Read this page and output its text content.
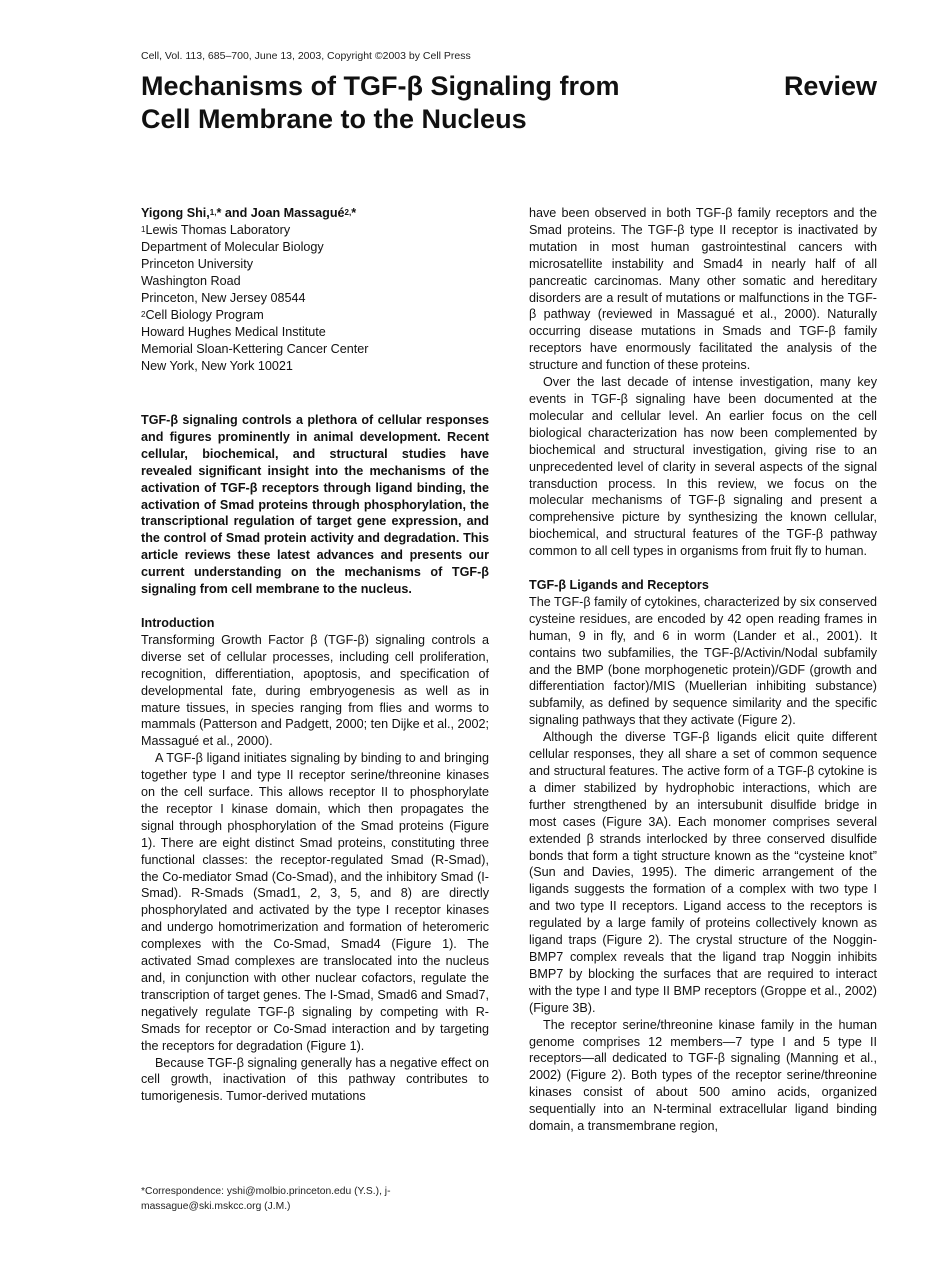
Cell, Vol. 113, 685–700, June 13, 2003, Copyright ©2003 by Cell Press
Mechanisms of TGF-β Signaling from Cell Membrane to the Nucleus
Review

Yigong Shi,$^{1,}$* and Joan Massagué$^{2,}$*

$^1$Lewis Thomas Laboratory
Department of Molecular Biology
Princeton University
Washington Road
Princeton, New Jersey 08544
$^2$Cell Biology Program
Howard Hughes Medical Institute
Memorial Sloan-Kettering Cancer Center
New York, New York 10021

TGF-β signaling controls a plethora of cellular responses and figures prominently in animal development. Recent cellular, biochemical, and structural studies have revealed significant insight into the mechanisms of the activation of TGF-β receptors through ligand binding, the activation of Smad proteins through phosphorylation, the transcriptional regulation of target gene expression, and the control of Smad protein activity and degradation. This article reviews these latest advances and presents our current understanding on the mechanisms of TGF-β signaling from cell membrane to the nucleus.

Introduction

Transforming Growth Factor β (TGF-β) signaling controls a diverse set of cellular processes, including cell proliferation, recognition, differentiation, apoptosis, and specification of developmental fate, during embryogenesis as well as in mature tissues, in species ranging from flies and worms to mammals (Patterson and Padgett, 2000; ten Dijke et al., 2002; Massagué et al., 2000).

A TGF-β ligand initiates signaling by binding to and bringing together type I and type II receptor serine/threonine kinases on the cell surface. This allows receptor II to phosphorylate the receptor I kinase domain, which then propagates the signal through phosphorylation of the Smad proteins (Figure 1). There are eight distinct Smad proteins, constituting three functional classes: the receptor-regulated Smad (R-Smad), the Co-mediator Smad (Co-Smad), and the inhibitory Smad (I-Smad). R-Smads (Smad1, 2, 3, 5, and 8) are directly phosphorylated and activated by the type I receptor kinases and undergo homotrimerization and formation of heteromeric complexes with the Co-Smad, Smad4 (Figure 1). The activated Smad complexes are translocated into the nucleus and, in conjunction with other nuclear cofactors, regulate the transcription of target genes. The I-Smad, Smad6 and Smad7, negatively regulate TGF-β signaling by competing with R-Smads for receptor or Co-Smad interaction and by targeting the receptors for degradation (Figure 1).

Because TGF-β signaling generally has a negative effect on cell growth, inactivation of this pathway contributes to tumorigenesis. Tumor-derived mutations

*Correspondence: yshi@molbio.princeton.edu (Y.S.), j-massague@ski.mskcc.org (J.M.)

have been observed in both TGF-β family receptors and the Smad proteins. The TGF-β type II receptor is inactivated by mutation in most human gastrointestinal cancers with microsatellite instability and Smad4 in nearly half of all pancreatic carcinomas. Many other somatic and hereditary disorders are a result of mutations or malfunctions in the TGF-β pathway (reviewed in Massagué et al., 2000). Naturally occurring disease mutations in Smads and TGF-β family receptors have enormously facilitated the analysis of the structure and function of these proteins.

Over the last decade of intense investigation, many key events in TGF-β signaling have been documented at the molecular and cellular level. An earlier focus on the cell biological characterization has now been complemented by biochemical and structural investigation, giving rise to an unprecedented level of clarity in several aspects of the signal transduction process. In this review, we focus on the molecular mechanisms of TGF-β signaling and present a comprehensive picture by synthesizing the known cellular, biochemical, and structural features of the TGF-β pathway common to all cell types in organisms from fruit fly to human.

TGF-β Ligands and Receptors

The TGF-β family of cytokines, characterized by six conserved cysteine residues, are encoded by 42 open reading frames in human, 9 in fly, and 6 in worm (Lander et al., 2001). It contains two subfamilies, the TGF-β/Activin/Nodal subfamily and the BMP (bone morphogenetic protein)/GDF (growth and differentiation factor)/MIS (Muellerian inhibiting substance) subfamily, as defined by sequence similarity and the specific signaling pathways that they activate (Figure 2).

Although the diverse TGF-β ligands elicit quite different cellular responses, they all share a set of common sequence and structural features. The active form of a TGF-β cytokine is a dimer stabilized by hydrophobic interactions, which are further strengthened by an intersubunit disulfide bridge in most cases (Figure 3A). Each monomer comprises several extended β strands interlocked by three conserved disulfide bonds that form a tight structure known as the “cysteine knot” (Sun and Davies, 1995). The dimeric arrangement of the ligands suggests the formation of a complex with two type I and two type II receptors. Ligand access to the receptors is regulated by a large family of proteins collectively known as ligand traps (Figure 2). The crystal structure of the Noggin-BMP7 complex reveals that the ligand trap Noggin inhibits BMP7 by blocking the surfaces that are required to interact with the type I and type II BMP receptors (Groppe et al., 2002) (Figure 3B).

The receptor serine/threonine kinase family in the human genome comprises 12 members—7 type I and 5 type II receptors—all dedicated to TGF-β signaling (Manning et al., 2002) (Figure 2). Both types of the receptor serine/threonine kinases consist of about 500 amino acids, organized sequentially into an N-terminal extracellular ligand binding domain, a transmembrane region,
